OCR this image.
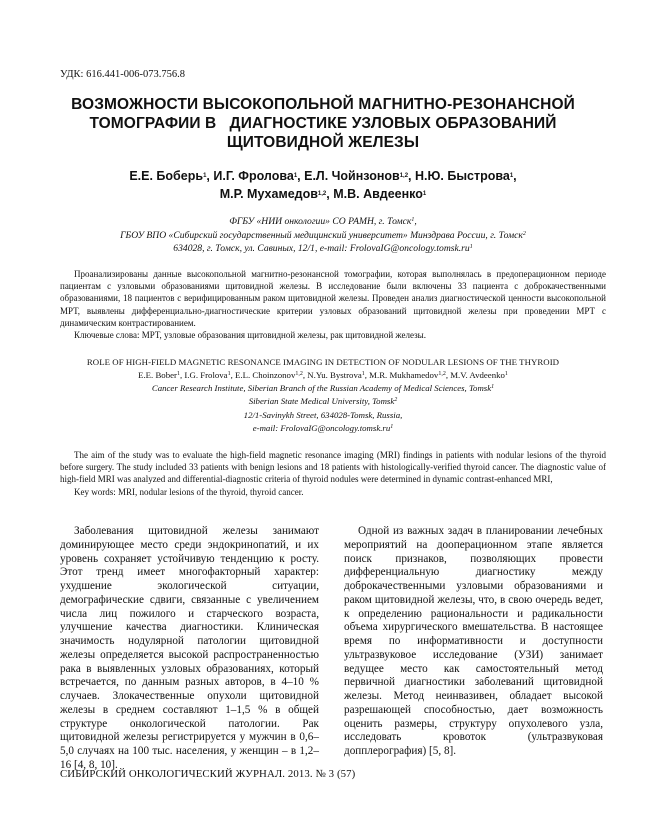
УДК: 616.441-006-073.756.8
ВОЗМОЖНОСТИ ВЫСОКОПОЛЬНОЙ МАГНИТНО-РЕЗОНАНСНОЙ
ТОМОГРАФИИ В   ДИАГНОСТИКЕ УЗЛОВЫХ ОБРАЗОВАНИЙ
ЩИТОВИДНОЙ ЖЕЛЕЗЫ
Е.Е. Боберь$^1$, И.Г. Фролова$^1$, Е.Л. Чойнзонов$^{1,2}$, Н.Ю. Быстрова$^1$,
М.Р. Мухамедов$^{1,2}$, М.В. Авдеенко$^1$
ФГБУ «НИИ онкологии» СО РАМН, г. Томск$^1$,
ГБОУ ВПО «Сибирский государственный медицинский университет» Минздрава России, г. Томск$^2$
634028, г. Томск, ул. Савиных, 12/1, e-mail: $FrolovaIG@oncology.tomsk.ru^1$
Проанализированы данные высокопольной магнитно-резонансной томографии, которая выполнялась в предоперационном периоде пациентам с узловыми образованиями щитовидной железы. В исследование были включены 33 пациента с доброкачественными образованиями, 18 пациентов с верифицированным раком щитовидной железы. Проведен анализ диагностической ценности высокопольной МРТ, выявлены дифференциально-диагностические критерии узловых образований щитовидной железы при проведении МРТ с динамическим контрастированием.
Ключевые слова: МРТ, узловые образования щитовидной железы, рак щитовидной железы.
ROLE OF HIGH-FIELD MAGNETIC RESONANCE IMAGING IN DETECTION OF NODULAR LESIONS OF THE THYROID
E.E. Bober$^1$, I.G. Frolova$^1$, E.L. Choinzonov$^{1,2}$, N.Yu. Bystrova$^1$, M.R. Mukhamedov$^{1,2}$, M.V. Avdeenko$^1$
Cancer Research Institute, Siberian Branch of the Russian Academy of Medical Sciences, Tomsk$^1$
Siberian State Medical University, Tomsk$^2$
12/1-Savinykh Street, 634028-Tomsk, Russia,
e-mail: $FrolovaIG@oncology.tomsk.ru^1$
The aim of the study was to evaluate the high-field magnetic resonance imaging (MRI) findings in patients with nodular lesions of the thyroid before surgery. The study included 33 patients with benign lesions and 18 patients with histologically-verified thyroid cancer. The diagnostic value of high-field MRI was analyzed and differential-diagnostic criteria of thyroid nodules were determined in dynamic contrast-enhanced MRI,
Key words: MRI, nodular lesions of the thyroid, thyroid cancer.

Заболевания щитовидной железы занимают доминирующее место среди эндокринопатий, и их уровень сохраняет устойчивую тенденцию к росту. Этот тренд имеет многофакторный характер: ухудшение экологической ситуации, демографические сдвиги, связанные с увеличением числа лиц пожилого и старческого возраста, улучшение качества диагностики. Клиническая значимость нодулярной патологии щитовидной железы определяется высокой распространенностью рака в выявленных узловых образованиях, который встречается, по данным разных авторов, в 4–10 % случаев. Злокачественные опухоли щитовидной железы в среднем составляют 1–1,5 % в общей структуре онкологической патологии. Рак щитовидной железы регистрируется у мужчин в 0,6–5,0 случаях на 100 тыс. населения, у женщин – в 1,2–16 [4, 8, 10].

Одной из важных задач в планировании лечебных мероприятий на дооперационном этапе является поиск признаков, позволяющих провести дифференциальную диагностику между доброкачественными узловыми образованиями и раком щитовидной железы, что, в свою очередь ведет, к определению рациональности и радикальности объема хирургического вмешательства. В настоящее время по информативности и доступности ультразвуковое исследование (УЗИ) занимает ведущее место как самостоятельный метод первичной диагностики заболеваний щитовидной железы. Метод неинвазивен, обладает высокой разрешающей способностью, дает возможность оценить размеры, структуру опухолевого узла, исследовать кровоток (ультразвуковая допплерография) [5, 8].

СИБИРСКИЙ ОНКОЛОГИЧЕСКИЙ ЖУРНАЛ. 2013. № 3 (57)
